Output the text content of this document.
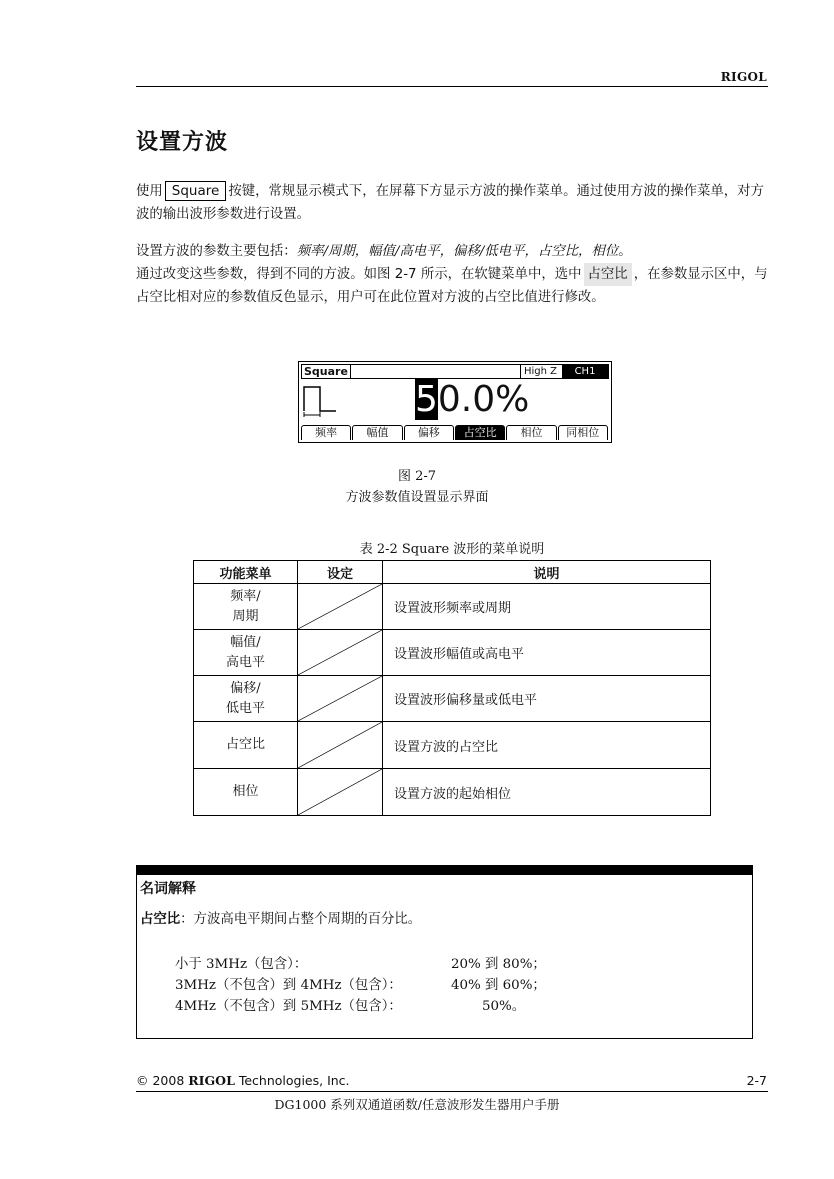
RIGOL
设置方波
使用 Square 按键，常规显示模式下，在屏幕下方显示方波的操作菜单。通过使用方波的操作菜单，对方波的输出波形参数进行设置。
设置方波的参数主要包括：频率/周期，幅值/高电平，偏移/低电平，占空比，相位。
通过改变这些参数，得到不同的方波。如图 2-7 所示，在软键菜单中，选中 占空比 ，在参数显示区中，与占空比相对应的参数值反色显示，用户可在此位置对方波的占空比值进行修改。
Square	High Z	CH1
50.0%
频率	幅值	偏移	占空比	相位	同相位
图 2-7
方波参数值设置显示界面
表 2-2 Square 波形的菜单说明
功能菜单	设定	说明
频率/
周期		设置波形频率或周期
幅值/
高电平		设置波形幅值或高电平
偏移/
低电平		设置波形偏移量或低电平
占空比		设置方波的占空比
相位		设置方波的起始相位
名词解释
占空比：方波高电平期间占整个周期的百分比。
小于 3MHz（包含）：	20% 到 80%；
3MHz（不包含）到 4MHz（包含）：	40% 到 60%；
4MHz（不包含）到 5MHz（包含）：	50%。
© 2008 RIGOL Technologies, Inc.	2-7
DG1000 系列双通道函数/任意波形发生器用户手册
